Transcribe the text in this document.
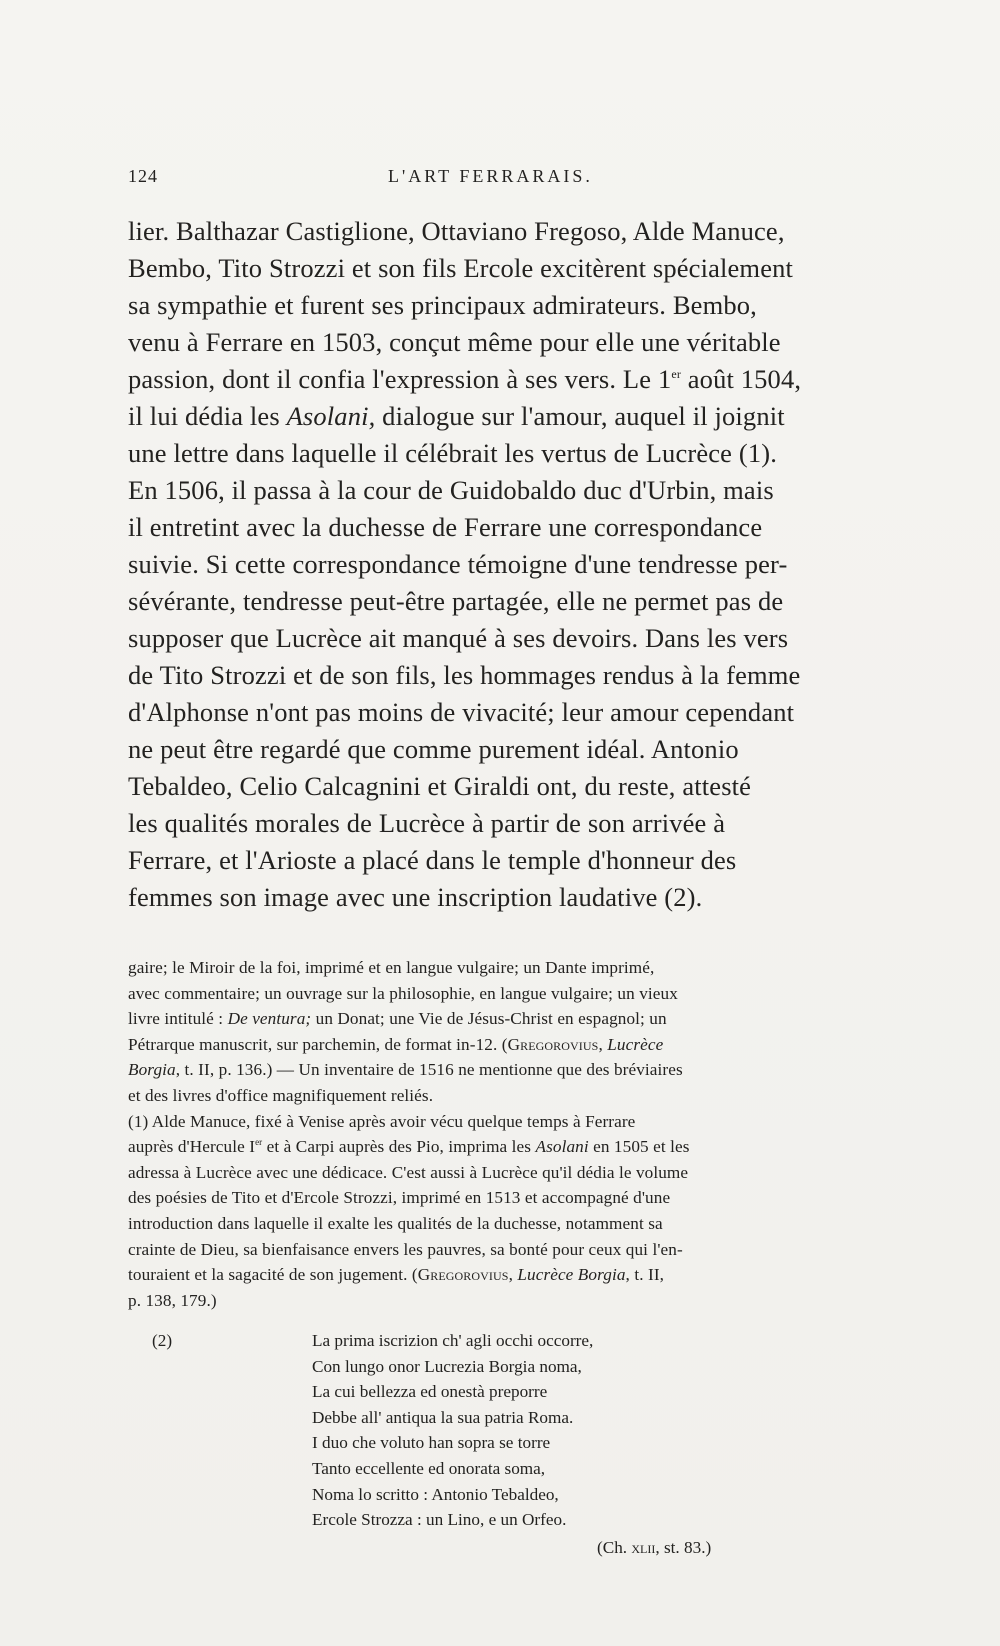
124	L'ART FERRARAIS.
lier. Balthazar Castiglione, Ottaviano Fregoso, Alde Manuce,
Bembo, Tito Strozzi et son fils Ercole excitèrent spécialement
sa sympathie et furent ses principaux admirateurs. Bembo,
venu à Ferrare en 1503, conçut même pour elle une véritable
passion, dont il confia l'expression à ses vers. Le 1er août 1504,
il lui dédia les Asolani, dialogue sur l'amour, auquel il joignit
une lettre dans laquelle il célébrait les vertus de Lucrèce (1).
En 1506, il passa à la cour de Guidobaldo duc d'Urbin, mais
il entretint avec la duchesse de Ferrare une correspondance
suivie. Si cette correspondance témoigne d'une tendresse per-
sévérante, tendresse peut-être partagée, elle ne permet pas de
supposer que Lucrèce ait manqué à ses devoirs. Dans les vers
de Tito Strozzi et de son fils, les hommages rendus à la femme
d'Alphonse n'ont pas moins de vivacité; leur amour cependant
ne peut être regardé que comme purement idéal. Antonio
Tebaldeo, Celio Calcagnini et Giraldi ont, du reste, attesté
les qualités morales de Lucrèce à partir de son arrivée à
Ferrare, et l'Arioste a placé dans le temple d'honneur des
femmes son image avec une inscription laudative (2).
gaire; le Miroir de la foi, imprimé et en langue vulgaire; un Dante imprimé,
avec commentaire; un ouvrage sur la philosophie, en langue vulgaire; un vieux
livre intitulé : De ventura; un Donat; une Vie de Jésus-Christ en espagnol; un
Pétrarque manuscrit, sur parchemin, de format in-12. (Gregorovius, Lucrèce
Borgia, t. II, p. 136.) — Un inventaire de 1516 ne mentionne que des bréviaires
et des livres d'office magnifiquement reliés.
(1) Alde Manuce, fixé à Venise après avoir vécu quelque temps à Ferrare
auprès d'Hercule Ier et à Carpi auprès des Pio, imprima les Asolani en 1505 et les
adressa à Lucrèce avec une dédicace. C'est aussi à Lucrèce qu'il dédia le volume
des poésies de Tito et d'Ercole Strozzi, imprimé en 1513 et accompagné d'une
introduction dans laquelle il exalte les qualités de la duchesse, notamment sa
crainte de Dieu, sa bienfaisance envers les pauvres, sa bonté pour ceux qui l'en-
touraient et la sagacité de son jugement. (Gregorovius, Lucrèce Borgia, t. II,
p. 138, 179.)
(2)	La prima iscrizion ch' agli occhi occorre,
Con lungo onor Lucrezia Borgia noma,
La cui bellezza ed onestà preporre
Debbe all' antiqua la sua patria Roma.
I duo che voluto han sopra se torre
Tanto eccellente ed onorata soma,
Noma lo scritto : Antonio Tebaldeo,
Ercole Strozza : un Lino, e un Orfeo.
(Ch. xlii, st. 83.)
